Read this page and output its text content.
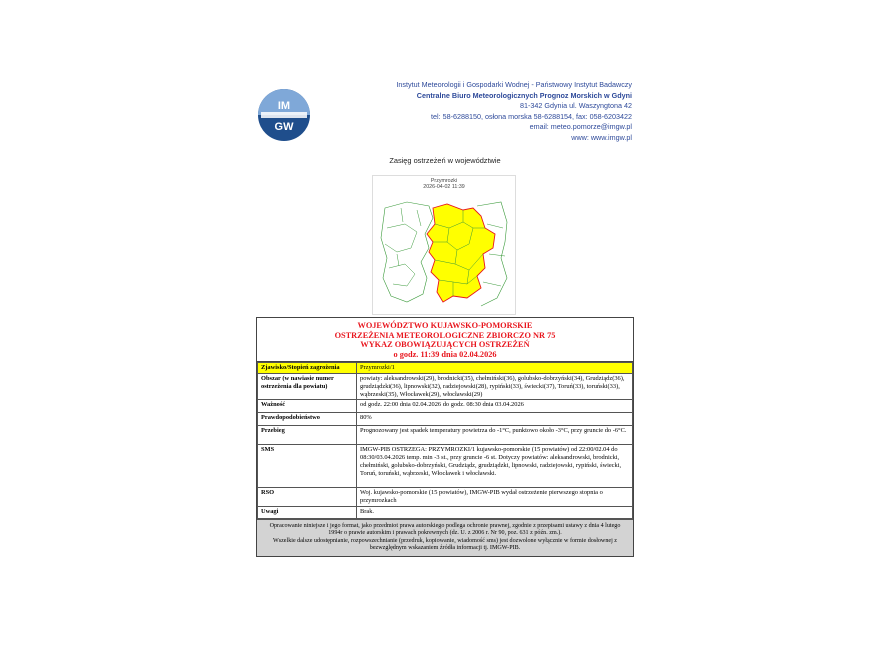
IM
GW
Instytut Meteorologii i Gospodarki Wodnej - Państwowy Instytut Badawczy
Centralne Biuro Meteorologicznych Prognoz Morskich w Gdyni
81-342 Gdynia ul. Waszyngtona 42
tel: 58-6288150, osłona morska 58-6288154, fax: 058-6203422
email: meteo.pomorze@imgw.pl
www: www.imgw.pl
Zasięg ostrzeżeń w województwie
Przymrozki
2026-04-02 11:39
WOJEWÓDZTWO KUJAWSKO-POMORSKIE
OSTRZEŻENIA METEOROLOGICZNE ZBIORCZO NR 75
WYKAZ OBOWIĄZUJĄCYCH OSTRZEŻEŃ
o godz. 11:39 dnia 02.04.2026
Zjawisko/Stopień zagrożenia	Przymrozki/1
Obszar (w nawiasie numer ostrzeżenia dla powiatu)	powiaty: aleksandrowski(29), brodnicki(35), chełmiński(36), golubsko-dobrzyński(34), Grudziądz(36), grudziądzki(36), lipnowski(32), radziejowski(28), rypiński(33), świecki(37), Toruń(33), toruński(33), wąbrzeski(35), Włocławek(29), włocławski(29)
Ważność	od godz. 22:00 dnia 02.04.2026 do godz. 08:30 dnia 03.04.2026
Prawdopodobieństwo	80%
Przebieg	Prognozowany jest spadek temperatury powietrza do -1°C, punktowo około -3°C, przy gruncie do -6°C.
SMS	IMGW-PIB OSTRZEGA: PRZYMROZKI/1 kujawsko-pomorskie (15 powiatów) od 22:00/02.04 do 08:30/03.04.2026 temp. min -3 st., przy gruncie -6 st. Dotyczy powiatów: aleksandrowski, brodnicki, chełmiński, golubsko-dobrzyński, Grudziądz, grudziądzki, lipnowski, radziejowski, rypiński, świecki, Toruń, toruński, wąbrzeski, Włocławek i włocławski.
RSO	Woj. kujawsko-pomorskie (15 powiatów), IMGW-PIB wydał ostrzeżenie pierwszego stopnia o przymrozkach
Uwagi	Brak.
Opracowanie niniejsze i jego format, jako przedmiot prawa autorskiego podlega ochronie prawnej, zgodnie z przepisami ustawy z dnia 4 lutego 1994r o prawie autorskim i prawach pokrewnych (dz. U. z 2006 r. Nr 90, poz. 631 z późn. zm.).
Wszelkie dalsze udostępnianie, rozpowszechnianie (przedruk, kopiowanie, wiadomość sms) jest dozwolone wyłącznie w formie dosłownej z bezwzględnym wskazaniem źródła informacji tj. IMGW-PIB.
